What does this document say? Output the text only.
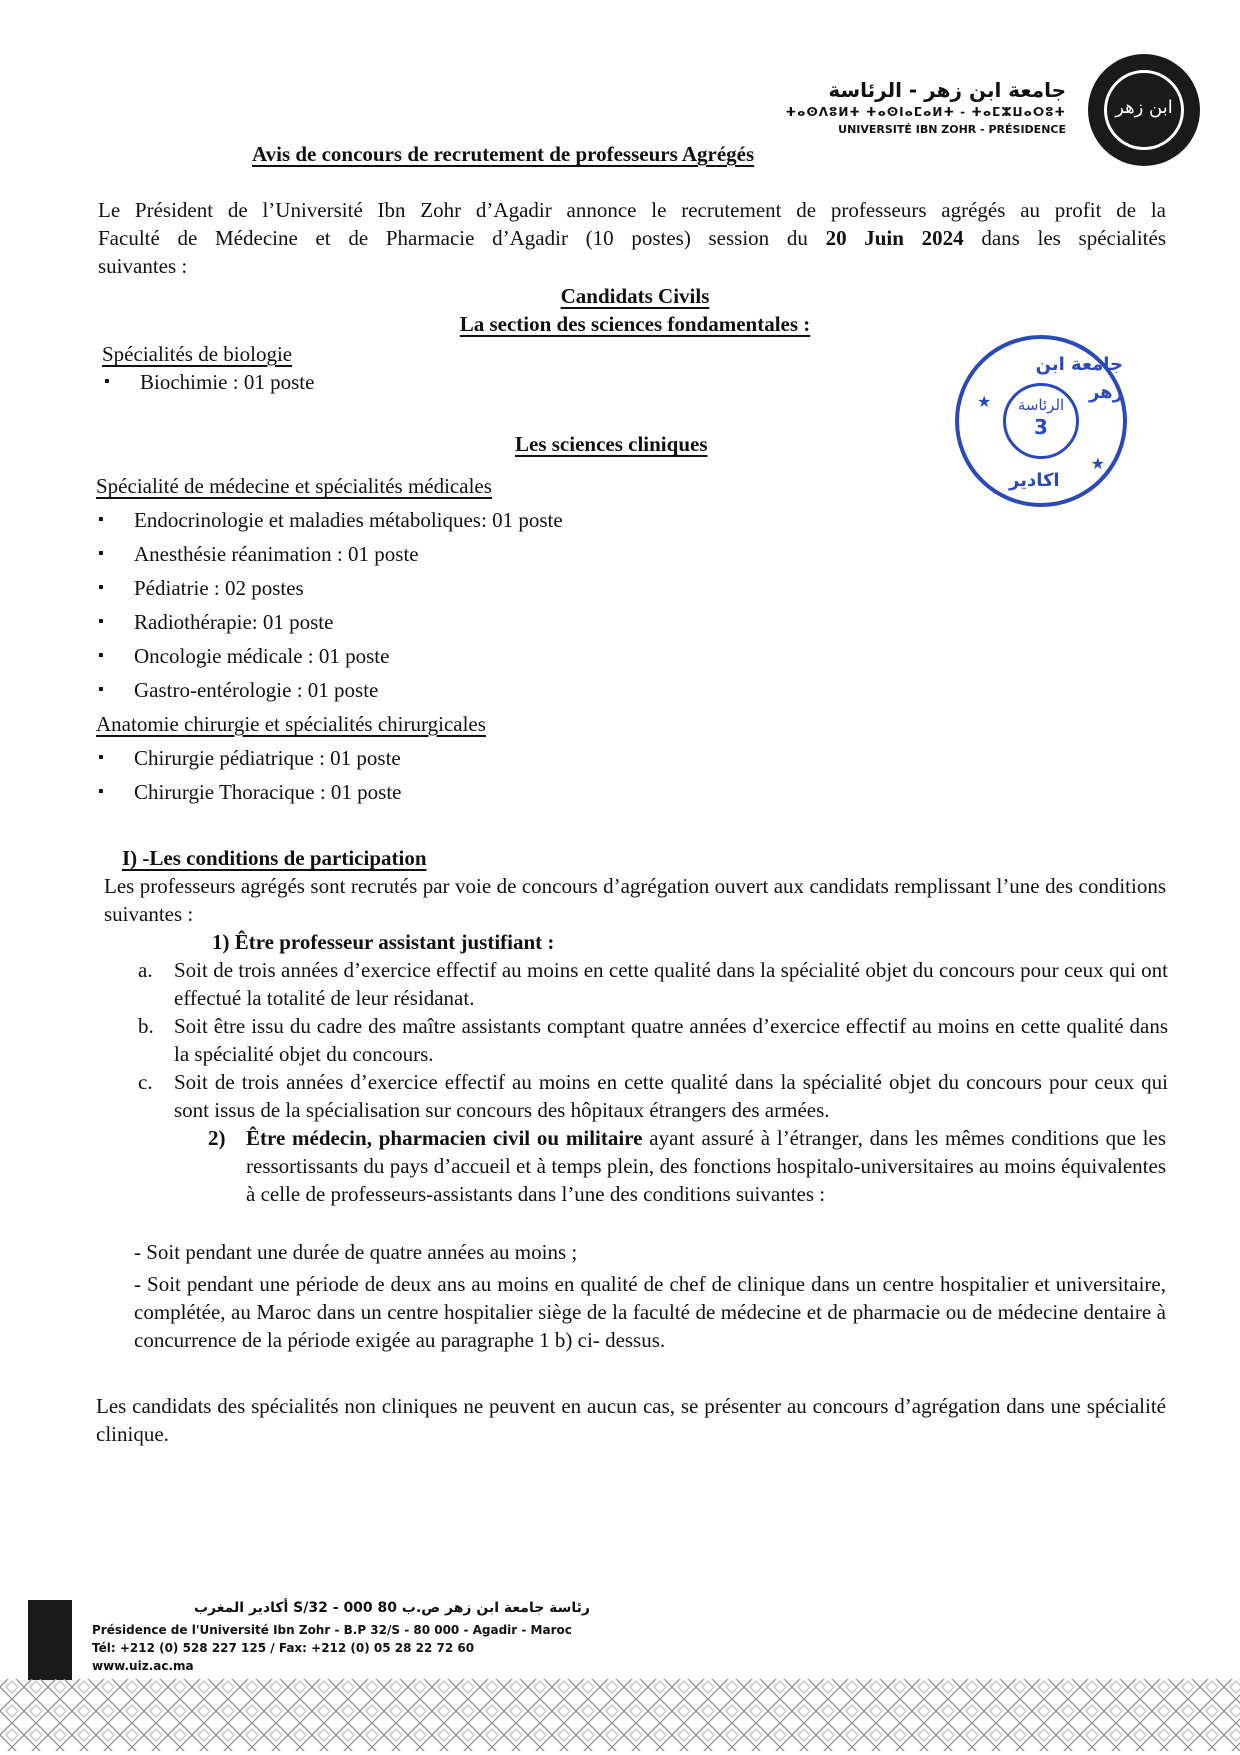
ابن زهر
جامعة ابن زهر - الرئاسة
ⵜⴰⵙⴷⵓⵍⵜ ⵜⴰⵙⵏⴰⵎⴰⵍⵜ - ⵜⴰⵎⵣⵡⴰⵔⵓⵜ
UNIVERSITÉ IBN ZOHR - PRÉSIDENCE
Avis de concours de recrutement de professeurs Agrégés
Le Président de l’Université Ibn Zohr d’Agadir annonce le recrutement de professeurs agrégés au profit de la
Faculté de Médecine et de Pharmacie d’Agadir (10 postes) session du 20 Juin 2024 dans les spécialités
suivantes :
Candidats Civils
La section des sciences fondamentales :
Spécialités de biologie
▪ Biochimie : 01 poste
Les sciences cliniques
Spécialité de médecine et spécialités médicales
▪ Endocrinologie et maladies métaboliques: 01 poste
▪ Anesthésie réanimation : 01 poste
▪ Pédiatrie : 02 postes
▪ Radiothérapie: 01 poste
▪ Oncologie médicale : 01 poste
▪ Gastro-entérologie : 01 poste
Anatomie chirurgie et spécialités chirurgicales
▪ Chirurgie pédiatrique : 01 poste
▪ Chirurgie Thoracique : 01 poste
جامعة ابن زهر
★
★
الرئاسة
3
اكادير
I) -Les conditions de participation
Les professeurs agrégés sont recrutés par voie de concours d’agrégation ouvert aux candidats remplissant l’une des conditions suivantes :
1) Être professeur assistant justifiant :
a. Soit de trois années d’exercice effectif au moins en cette qualité dans la spécialité objet du concours pour ceux qui ont effectué la totalité de leur résidanat.
b. Soit être issu du cadre des maître assistants comptant quatre années d’exercice effectif au moins en cette qualité dans la spécialité objet du concours.
c. Soit de trois années d’exercice effectif au moins en cette qualité dans la spécialité objet du concours pour ceux qui sont issus de la spécialisation sur concours des hôpitaux étrangers des armées.
2) Être médecin, pharmacien civil ou militaire ayant assuré à l’étranger, dans les mêmes conditions que les ressortissants du pays d’accueil et à temps plein, des fonctions hospitalo-universitaires au moins équivalentes à celle de professeurs-assistants dans l’une des conditions suivantes :
- Soit pendant une durée de quatre années au moins ;
- Soit pendant une période de deux ans au moins en qualité de chef de clinique dans un centre hospitalier et universitaire, complétée, au Maroc dans un centre hospitalier siège de la faculté de médecine et de pharmacie ou de médecine dentaire à concurrence de la période exigée au paragraphe 1 b) ci- dessus.
Les candidats des spécialités non cliniques ne peuvent en aucun cas, se présenter au concours d’agrégation dans une spécialité clinique.
رئاسة جامعة ابن زهر ص.ب 80 000 - 32/S أكادير المغرب
Présidence de l'Université Ibn Zohr - B.P 32/S - 80 000 - Agadir - Maroc
Tél: +212 (0) 528 227 125 / Fax: +212 (0) 05 28 22 72 60
www.uiz.ac.ma
